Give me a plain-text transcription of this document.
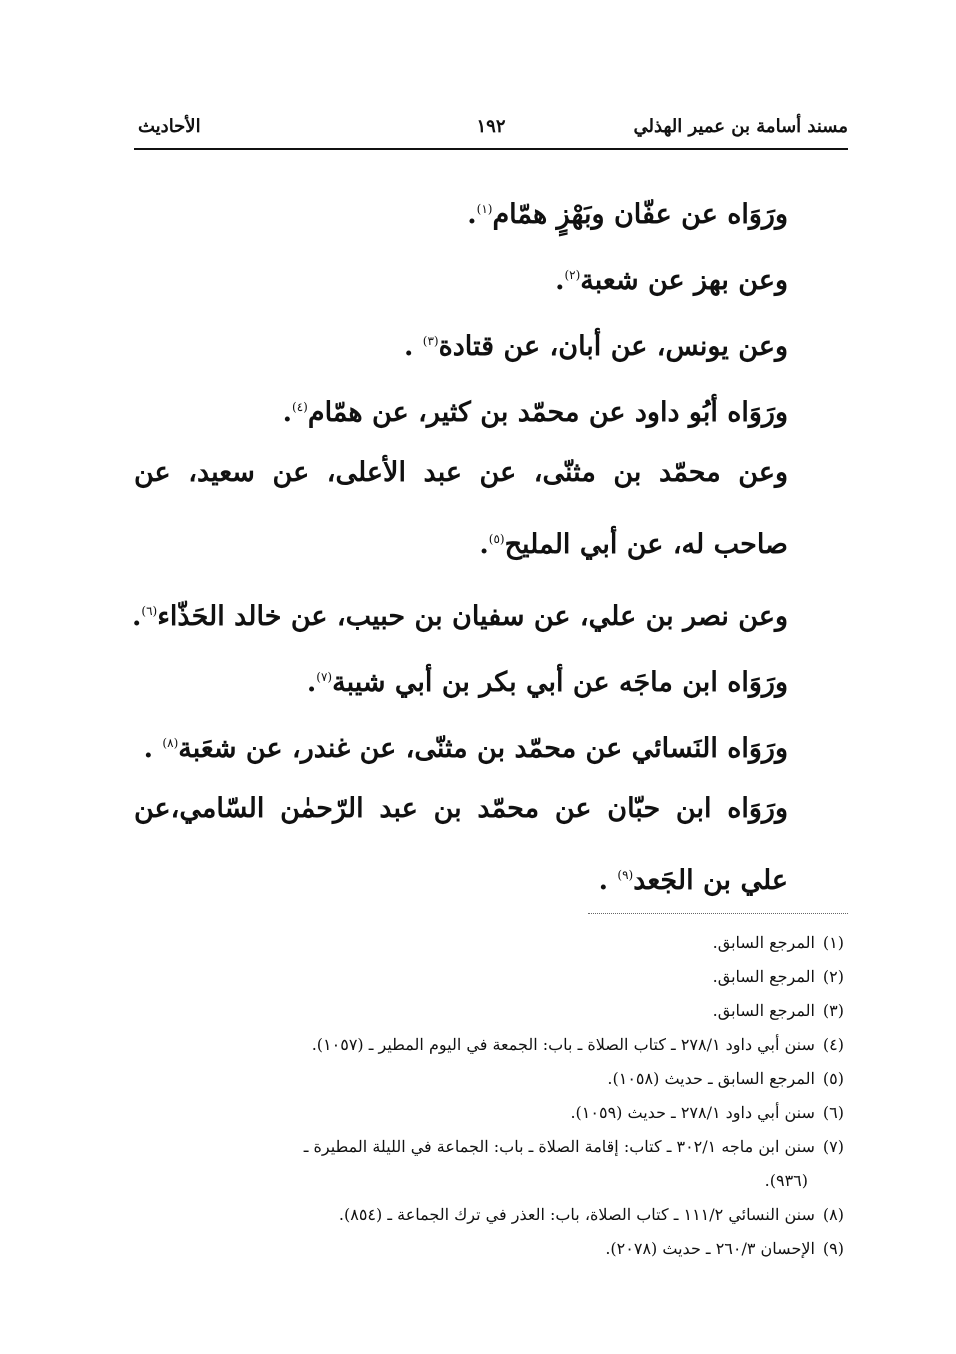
مسند أسامة بن عمير الهذلي
١٩٢
الأحاديث
ورَوَاه عن عفّان وبَهْزٍ همّام$^{(١)}$.
وعن بهز عن شعبة$^{(٢)}$.
وعن يونس، عن أبان، عن قتادة$^{(٣)}$ .
ورَوَاه أبُو داود عن محمّد بن كثير، عن همّام$^{(٤)}$.
وعن محمّد بن مثنّى، عن عبد الأعلى، عن سعيد، عن صاحب له، عن أبي المليح$^{(٥)}$.
وعن نصر بن علي، عن سفيان بن حبيب، عن خالد الحَذّاء$^{(٦)}$.
ورَوَاه ابن ماجَه عن أبي بكر بن أبي شيبة$^{(٧)}$.
ورَوَاه النَسائي عن محمّد بن مثنّى، عن غندر، عن شعَبة$^{(٨)}$ .
ورَوَاه ابن حبّان عن محمّد بن عبد الرّحمٰن السّامي،عن علي بن الجَعد$^{(٩)}$ .
(١)المرجع السابق.
(٢)المرجع السابق.
(٣)المرجع السابق.
(٤)سنن أبي داود ٢٧٨/١ ـ كتاب الصلاة ـ باب: الجمعة في اليوم المطير ـ (١٠٥٧).
(٥)المرجع السابق ـ حديث (١٠٥٨).
(٦)سنن أبي داود ٢٧٨/١ ـ حديث (١٠٥٩).
(٧)سنن ابن ماجه ٣٠٢/١ ـ كتاب: إقامة الصلاة ـ باب: الجماعة في الليلة المطيرة ـ
(٩٣٦).
(٨)سنن النسائي ١١١/٢ ـ كتاب الصلاة، باب: العذر في ترك الجماعة ـ (٨٥٤).
(٩)الإحسان ٢٦٠/٣ ـ حديث (٢٠٧٨).
